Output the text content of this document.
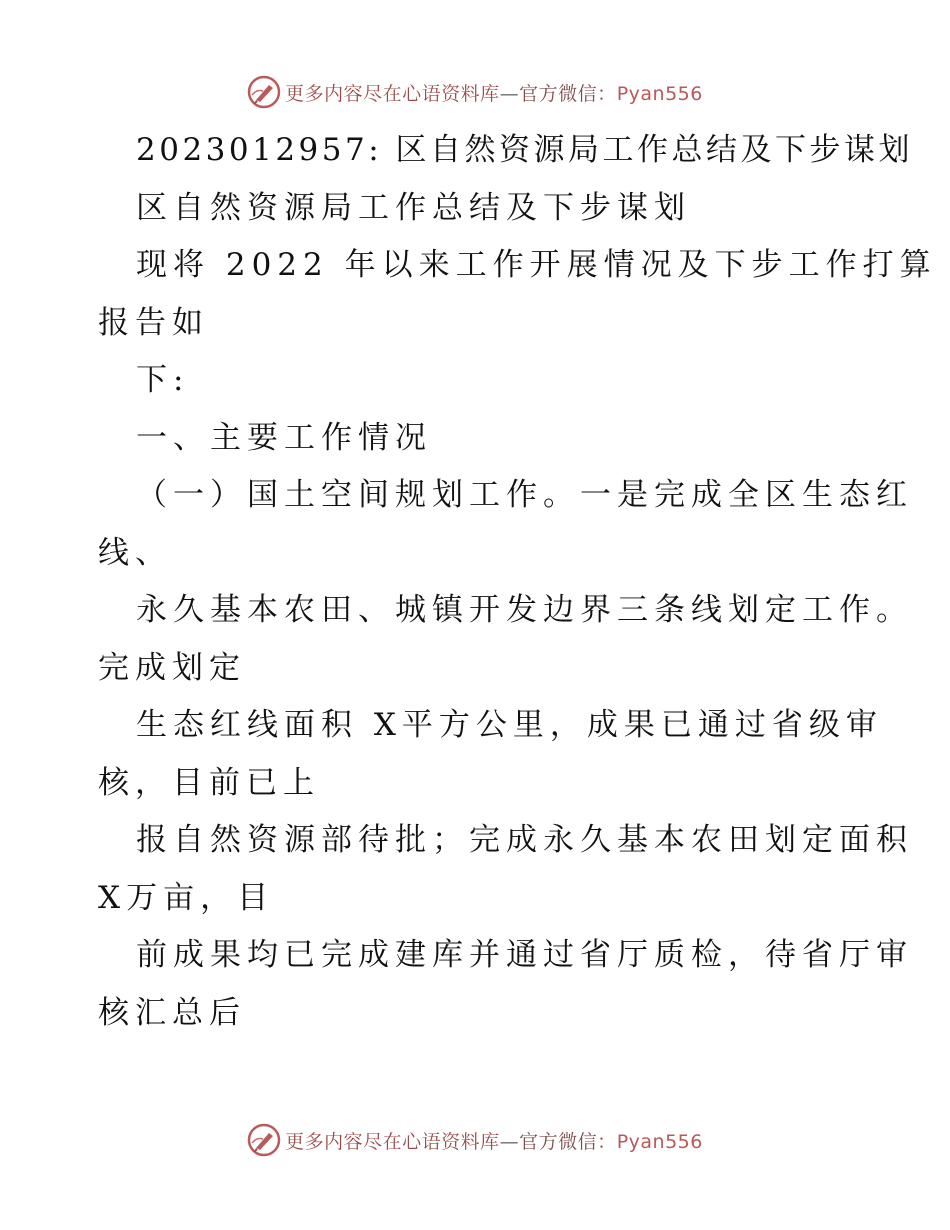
更多内容尽在心语资料库—官方微信：Pyan556
2023012957: 区自然资源局工作总结及下步谋划
区自然资源局工作总结及下步谋划
现将 2022 年以来工作开展情况及下步工作打算
报告如
下:
一、主要工作情况
（一）国土空间规划工作。一是完成全区生态红
线、
永久基本农田、城镇开发边界三条线划定工作。
完成划定
生态红线面积 X平方公里，成果已通过省级审
核，目前已上
报自然资源部待批；完成永久基本农田划定面积
X万亩，目
前成果均已完成建库并通过省厅质检，待省厅审
核汇总后
更多内容尽在心语资料库—官方微信：Pyan556
